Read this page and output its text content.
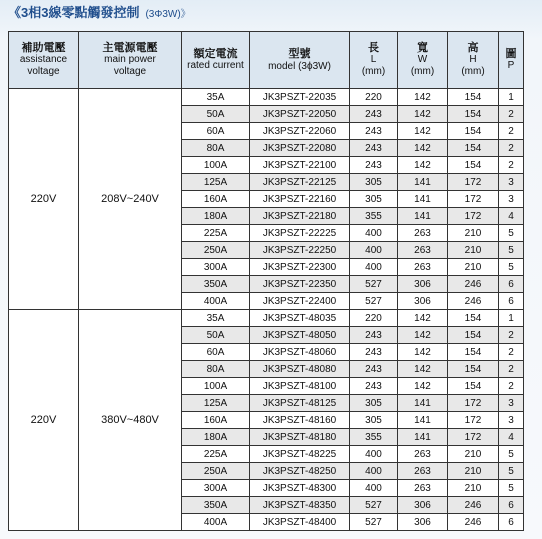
《3相3線零點觸發控制 (3Φ3W)》
補助電壓
assistance
voltage	主電源電壓
main power
voltage	額定電流
rated current	型號
model (3ϕ3W)	長
L
(mm)	寬
W
(mm)	高
H
(mm)	圖
P
220V	208V~240V	35A	JK3PSZT-22035	220	142	154	1
		50A	JK3PSZT-22050	243	142	154	2
		60A	JK3PSZT-22060	243	142	154	2
		80A	JK3PSZT-22080	243	142	154	2
		100A	JK3PSZT-22100	243	142	154	2
		125A	JK3PSZT-22125	305	141	172	3
		160A	JK3PSZT-22160	305	141	172	3
		180A	JK3PSZT-22180	355	141	172	4
		225A	JK3PSZT-22225	400	263	210	5
		250A	JK3PSZT-22250	400	263	210	5
		300A	JK3PSZT-22300	400	263	210	5
		350A	JK3PSZT-22350	527	306	246	6
		400A	JK3PSZT-22400	527	306	246	6
220V	380V~480V	35A	JK3PSZT-48035	220	142	154	1
		50A	JK3PSZT-48050	243	142	154	2
		60A	JK3PSZT-48060	243	142	154	2
		80A	JK3PSZT-48080	243	142	154	2
		100A	JK3PSZT-48100	243	142	154	2
		125A	JK3PSZT-48125	305	141	172	3
		160A	JK3PSZT-48160	305	141	172	3
		180A	JK3PSZT-48180	355	141	172	4
		225A	JK3PSZT-48225	400	263	210	5
		250A	JK3PSZT-48250	400	263	210	5
		300A	JK3PSZT-48300	400	263	210	5
		350A	JK3PSZT-48350	527	306	246	6
		400A	JK3PSZT-48400	527	306	246	6
